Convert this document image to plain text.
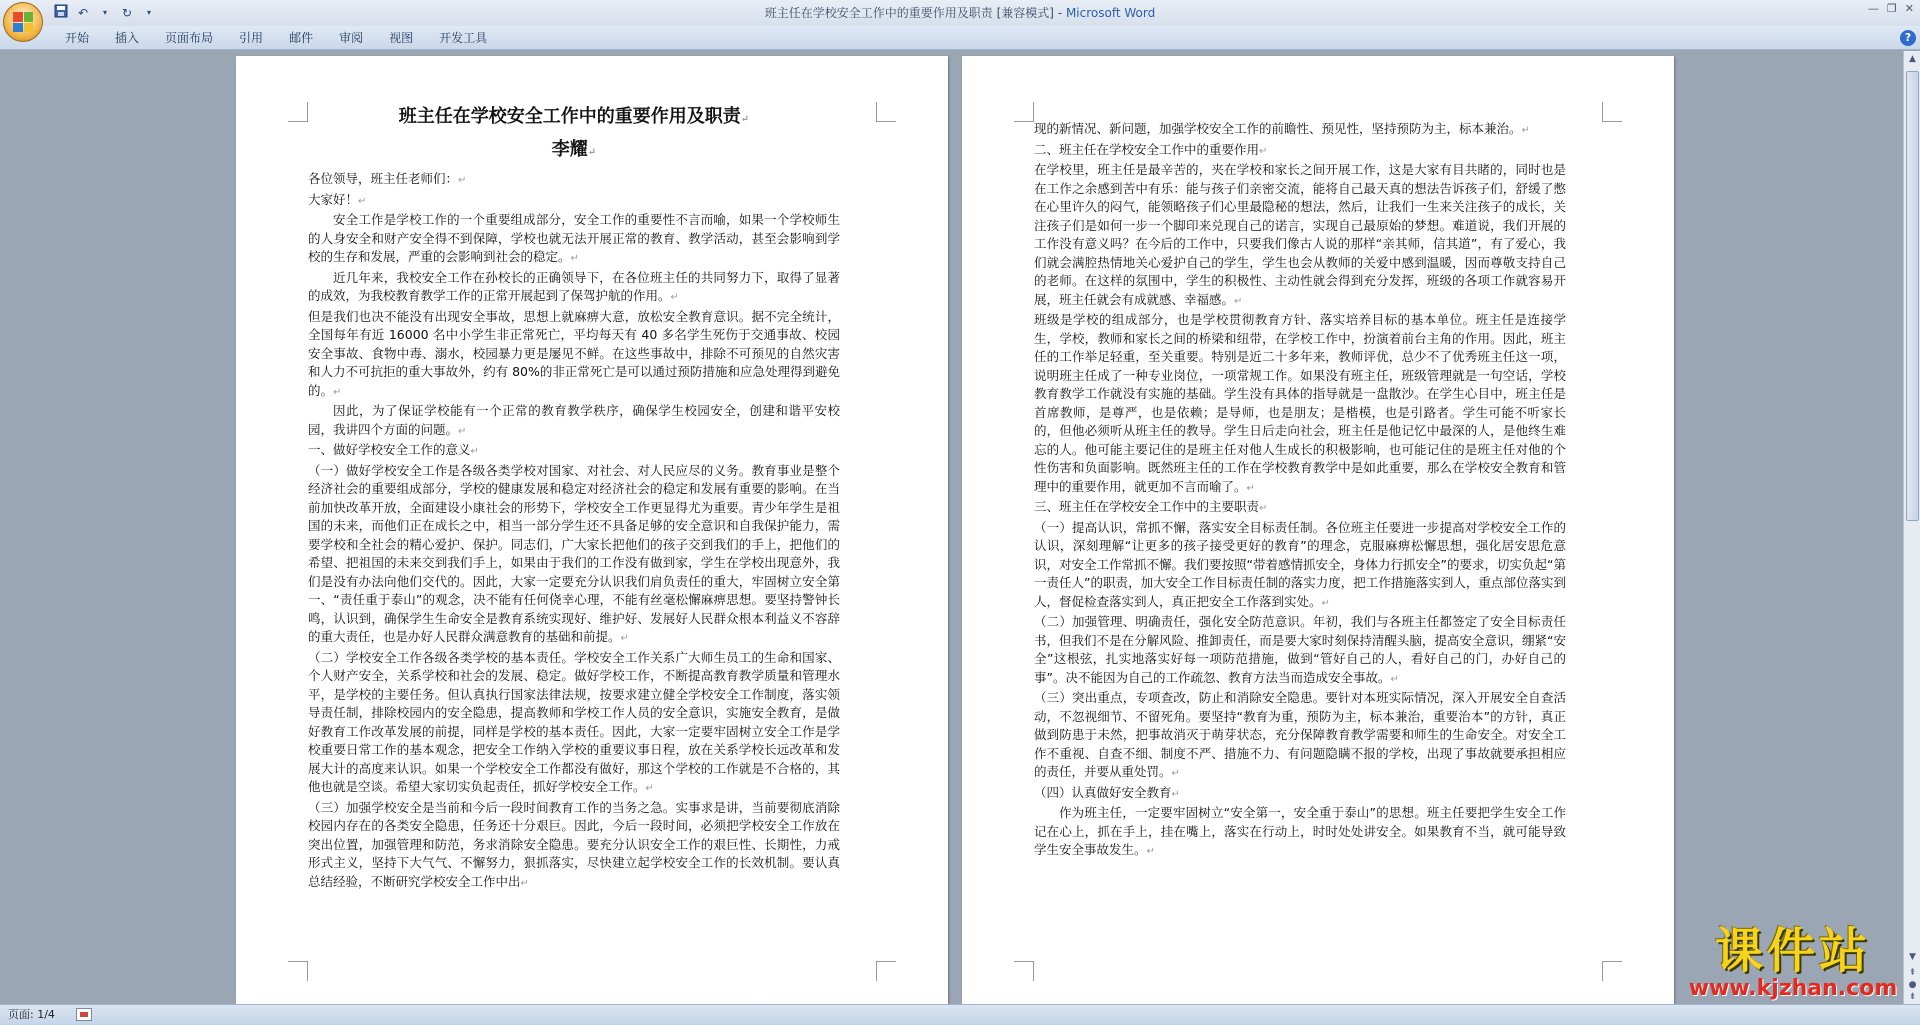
班主任在学校安全工作中的重要作用及职责 [兼容模式] - Microsoft Word
↶	▾	↻	▾	— ❐ ✕
开始	插入	页面布局	引用	邮件	审阅	视图	开发工具	?
班主任在学校安全工作中的重要作用及职责↵
李耀↵
各位领导，班主任老师们：↵
大家好！↵
安全工作是学校工作的一个重要组成部分，安全工作的重要性不言而喻，如果一个学校师生的人身安全和财产安全得不到保障，学校也就无法开展正常的教育、教学活动，甚至会影响到学校的生存和发展，严重的会影响到社会的稳定。↵
近几年来，我校安全工作在孙校长的正确领导下，在各位班主任的共同努力下，取得了显著的成效，为我校教育教学工作的正常开展起到了保驾护航的作用。↵
但是我们也决不能没有出现安全事故，思想上就麻痹大意，放松安全教育意识。据不完全统计，全国每年有近 16000 名中小学生非正常死亡，平均每天有 40 多名学生死伤于交通事故、校园安全事故、食物中毒、溺水，校园暴力更是屡见不鲜。在这些事故中，排除不可预见的自然灾害和人力不可抗拒的重大事故外，约有 80%的非正常死亡是可以通过预防措施和应急处理得到避免的。↵
因此，为了保证学校能有一个正常的教育教学秩序，确保学生校园安全，创建和谐平安校园，我讲四个方面的问题。↵
一、做好学校安全工作的意义↵
（一）做好学校安全工作是各级各类学校对国家、对社会、对人民应尽的义务。教育事业是整个经济社会的重要组成部分，学校的健康发展和稳定对经济社会的稳定和发展有重要的影响。在当前加快改革开放，全面建设小康社会的形势下，学校安全工作更显得尤为重要。青少年学生是祖国的未来，而他们正在成长之中，相当一部分学生还不具备足够的安全意识和自我保护能力，需要学校和全社会的精心爱护、保护。同志们，广大家长把他们的孩子交到我们的手上，把他们的希望、把祖国的未来交到我们手上，如果由于我们的工作没有做到家，学生在学校出现意外，我们是没有办法向他们交代的。因此，大家一定要充分认识我们肩负责任的重大，牢固树立安全第一、“责任重于泰山”的观念，决不能有任何侥幸心理，不能有丝毫松懈麻痹思想。要坚持警钟长鸣，认识到，确保学生生命安全是教育系统实现好、维护好、发展好人民群众根本利益义不容辞的重大责任，也是办好人民群众满意教育的基础和前提。↵
（二）学校安全工作各级各类学校的基本责任。学校安全工作关系广大师生员工的生命和国家、个人财产安全，关系学校和社会的发展、稳定。做好学校工作，不断提高教育教学质量和管理水平，是学校的主要任务。但认真执行国家法律法规，按要求建立健全学校安全工作制度，落实领导责任制，排除校园内的安全隐患，提高教师和学校工作人员的安全意识，实施安全教育，是做好教育工作改革发展的前提，同样是学校的基本责任。因此，大家一定要牢固树立安全工作是学校重要日常工作的基本观念，把安全工作纳入学校的重要议事日程，放在关系学校长远改革和发展大计的高度来认识。如果一个学校安全工作都没有做好，那这个学校的工作就是不合格的，其他也就是空谈。希望大家切实负起责任，抓好学校安全工作。↵
（三）加强学校安全是当前和今后一段时间教育工作的当务之急。实事求是讲，当前要彻底消除校园内存在的各类安全隐患，任务还十分艰巨。因此，今后一段时间，必须把学校安全工作放在突出位置，加强管理和防范，务求消除安全隐患。要充分认识安全工作的艰巨性、长期性，力戒形式主义，坚持下大气气、不懈努力，狠抓落实，尽快建立起学校安全工作的长效机制。要认真总结经验，不断研究学校安全工作中出↵
现的新情况、新问题，加强学校安全工作的前瞻性、预见性，坚持预防为主，标本兼治。↵
二、班主任在学校安全工作中的重要作用↵
在学校里，班主任是最辛苦的，夹在学校和家长之间开展工作，这是大家有目共睹的，同时也是在工作之余感到苦中有乐：能与孩子们亲密交流，能将自己最天真的想法告诉孩子们，舒缓了憋在心里许久的闷气，能领略孩子们心里最隐秘的想法，然后，让我们一生来关注孩子的成长，关注孩子们是如何一步一个脚印来兑现自己的诺言，实现自己最原始的梦想。难道说，我们开展的工作没有意义吗？在今后的工作中，只要我们像古人说的那样“亲其师，信其道”，有了爱心，我们就会满腔热情地关心爱护自己的学生，学生也会从教师的关爱中感到温暖，因而尊敬支持自己的老师。在这样的氛围中，学生的积极性、主动性就会得到充分发挥，班级的各项工作就容易开展，班主任就会有成就感、幸福感。↵
班级是学校的组成部分，也是学校贯彻教育方针、落实培养目标的基本单位。班主任是连接学生，学校，教师和家长之间的桥梁和纽带，在学校工作中，扮演着前台主角的作用。因此，班主任的工作举足轻重，至关重要。特别是近二十多年来，教师评优，总少不了优秀班主任这一项，说明班主任成了一种专业岗位，一项常规工作。如果没有班主任，班级管理就是一句空话，学校教育教学工作就没有实施的基础。学生没有具体的指导就是一盘散沙。在学生心目中，班主任是首席教师，是尊严，也是依赖；是导师，也是朋友；是楷模，也是引路者。学生可能不听家长的，但他必须听从班主任的教导。学生日后走向社会，班主任是他记忆中最深的人，是他终生难忘的人。他可能主要记住的是班主任对他人生成长的积极影响，也可能记住的是班主任对他的个性伤害和负面影响。既然班主任的工作在学校教育教学中是如此重要，那么在学校安全教育和管理中的重要作用，就更加不言而喻了。↵
三、班主任在学校安全工作中的主要职责↵
（一）提高认识，常抓不懈，落实安全目标责任制。各位班主任要进一步提高对学校安全工作的认识，深刻理解“让更多的孩子接受更好的教育”的理念，克服麻痹松懈思想，强化居安思危意识，对安全工作常抓不懈。我们要按照“带着感情抓安全，身体力行抓安全”的要求，切实负起“第一责任人”的职责，加大安全工作目标责任制的落实力度，把工作措施落实到人，重点部位落实到人，督促检查落实到人，真正把安全工作落到实处。↵
（二）加强管理、明确责任，强化安全防范意识。年初，我们与各班主任都签定了安全目标责任书，但我们不是在分解风险、推卸责任，而是要大家时刻保持清醒头脑，提高安全意识，绷紧“安全”这根弦，扎实地落实好每一项防范措施，做到“管好自己的人，看好自己的门，办好自己的事”。决不能因为自己的工作疏忽、教育方法当而造成安全事故。↵
（三）突出重点，专项查改，防止和消除安全隐患。要针对本班实际情况，深入开展安全自查活动，不忽视细节、不留死角。要坚持“教育为重，预防为主，标本兼治，重要治本”的方针，真正做到防患于未然，把事故消灭于萌芽状态，充分保障教育教学需要和师生的生命安全。对安全工作不重视、自查不细、制度不严、措施不力、有问题隐瞒不报的学校，出现了事故就要承担相应的责任，并要从重处罚。↵
（四）认真做好安全教育↵
作为班主任，一定要牢固树立“安全第一，安全重于泰山”的思想。班主任要把学生安全工作记在心上，抓在手上，挂在嘴上，落实在行动上，时时处处讲安全。如果教育不当，就可能导致学生安全事故发生。↵
▲
▼
⇞
●
⇟
页面: 1/4
课件站
www.kjzhan.com
